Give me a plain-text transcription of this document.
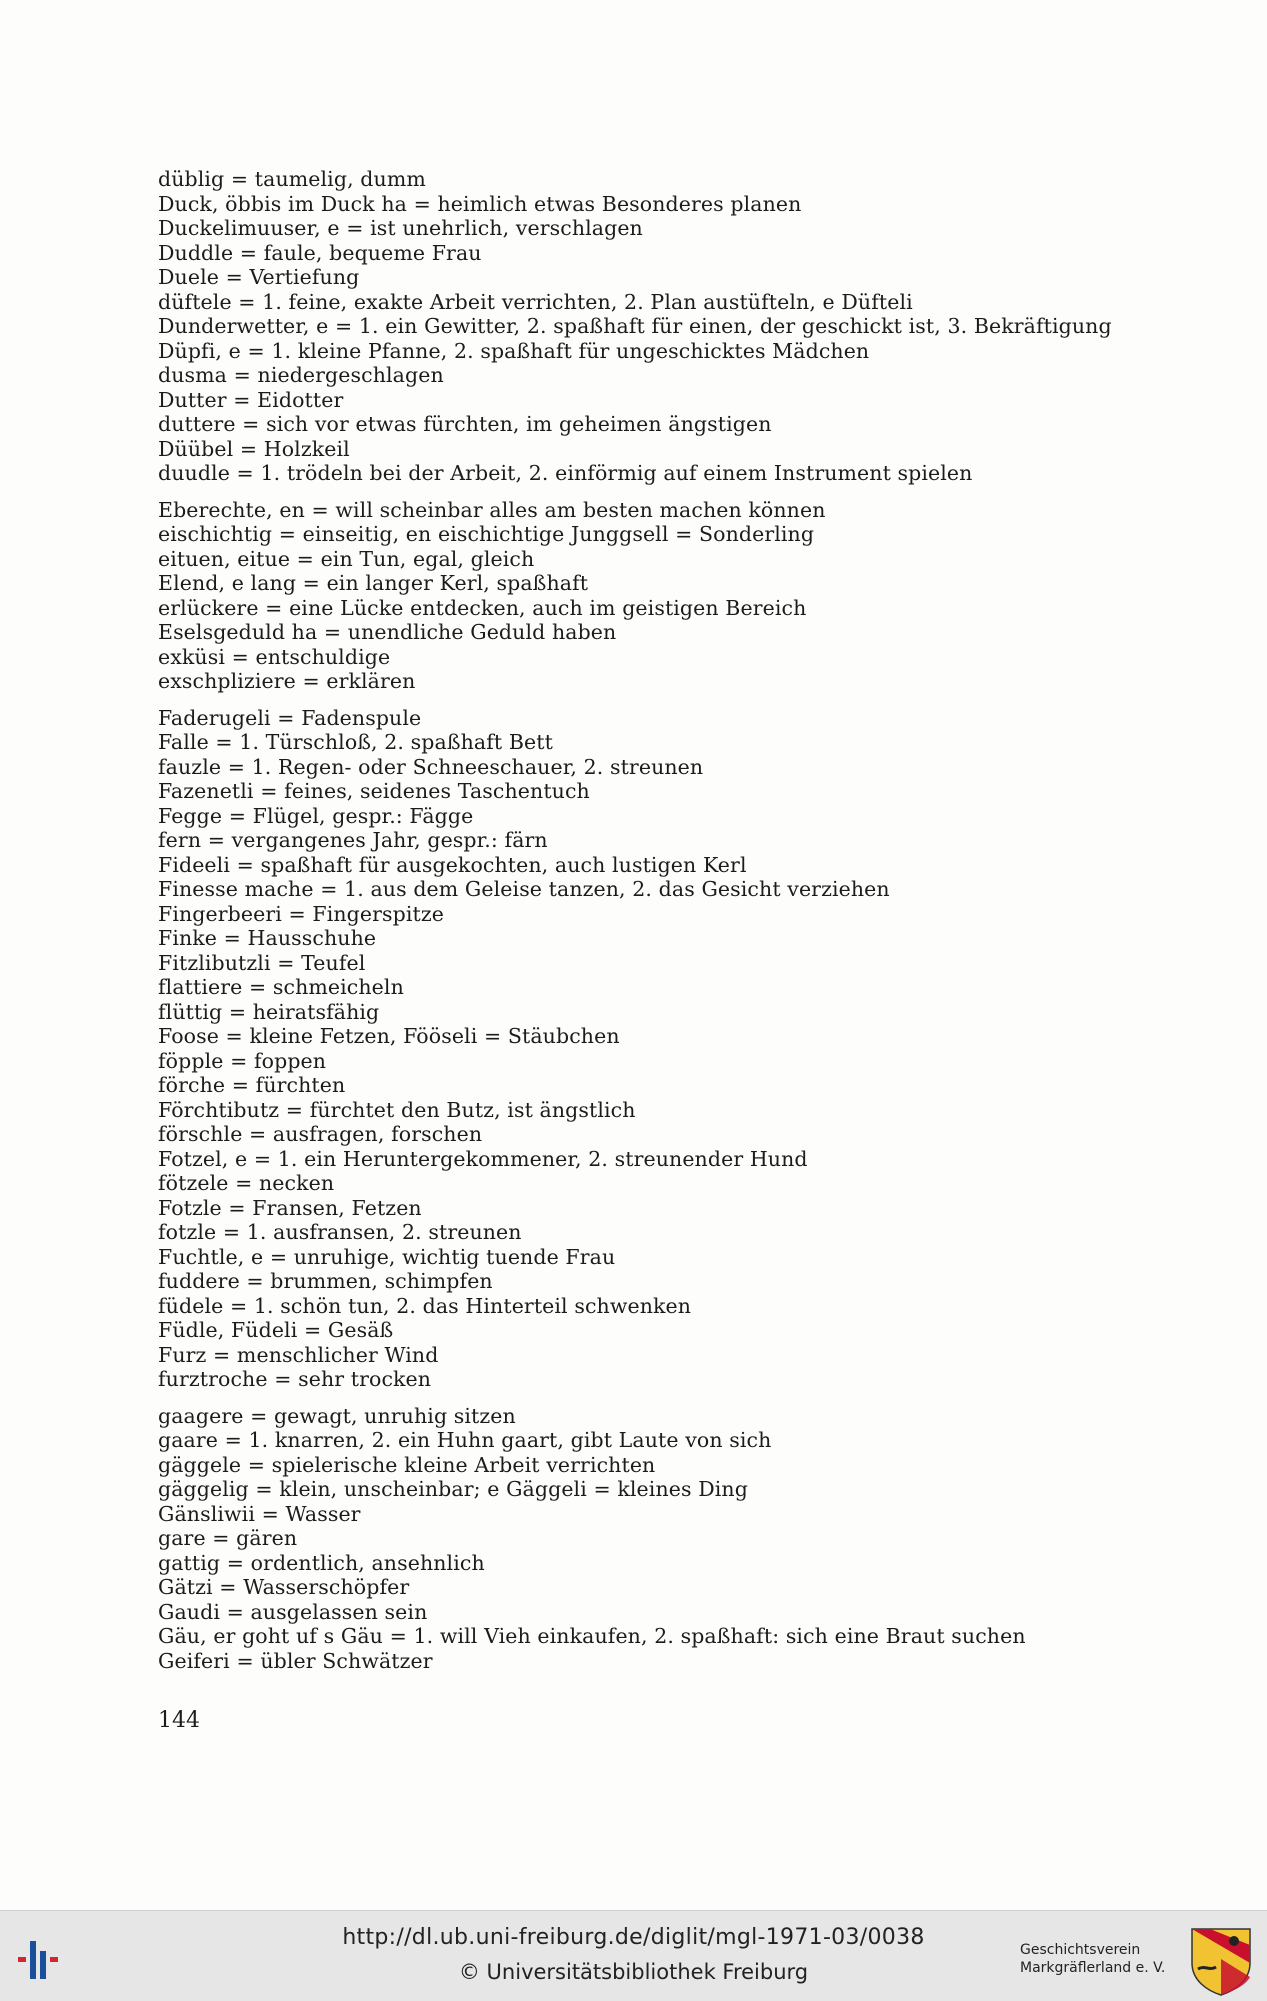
düblig = taumelig, dumm
Duck, öbbis im Duck ha = heimlich etwas Besonderes planen
Duckelimuuser, e = ist unehrlich, verschlagen
Duddle = faule, bequeme Frau
Duele = Vertiefung
düftele = 1. feine, exakte Arbeit verrichten, 2. Plan austüfteln, e Düfteli
Dunderwetter, e = 1. ein Gewitter, 2. spaßhaft für einen, der geschickt ist, 3. Bekräftigung
Düpfi, e = 1. kleine Pfanne, 2. spaßhaft für ungeschicktes Mädchen
dusma = niedergeschlagen
Dutter = Eidotter
duttere = sich vor etwas fürchten, im geheimen ängstigen
Düübel = Holzkeil
duudle = 1. trödeln bei der Arbeit, 2. einförmig auf einem Instrument spielen
Eberechte, en = will scheinbar alles am besten machen können
eischichtig = einseitig, en eischichtige Junggsell = Sonderling
eituen, eitue = ein Tun, egal, gleich
Elend, e lang = ein langer Kerl, spaßhaft
erlückere = eine Lücke entdecken, auch im geistigen Bereich
Eselsgeduld ha = unendliche Geduld haben
exküsi = entschuldige
exschpliziere = erklären
Faderugeli = Fadenspule
Falle = 1. Türschloß, 2. spaßhaft Bett
fauzle = 1. Regen- oder Schneeschauer, 2. streunen
Fazenetli = feines, seidenes Taschentuch
Fegge = Flügel, gespr.: Fägge
fern = vergangenes Jahr, gespr.: färn
Fideeli = spaßhaft für ausgekochten, auch lustigen Kerl
Finesse mache = 1. aus dem Geleise tanzen, 2. das Gesicht verziehen
Fingerbeeri = Fingerspitze
Finke = Hausschuhe
Fitzlibutzli = Teufel
flattiere = schmeicheln
flüttig = heiratsfähig
Foose = kleine Fetzen, Fööseli = Stäubchen
föpple = foppen
förche = fürchten
Förchtibutz = fürchtet den Butz, ist ängstlich
förschle = ausfragen, forschen
Fotzel, e = 1. ein Heruntergekommener, 2. streunender Hund
fötzele = necken
Fotzle = Fransen, Fetzen
fotzle = 1. ausfransen, 2. streunen
Fuchtle, e = unruhige, wichtig tuende Frau
fuddere = brummen, schimpfen
füdele = 1. schön tun, 2. das Hinterteil schwenken
Füdle, Füdeli = Gesäß
Furz = menschlicher Wind
furztroche = sehr trocken
gaagere = gewagt, unruhig sitzen
gaare = 1. knarren, 2. ein Huhn gaart, gibt Laute von sich
gäggele = spielerische kleine Arbeit verrichten
gäggelig = klein, unscheinbar; e Gäggeli = kleines Ding
Gänsliwii = Wasser
gare = gären
gattig = ordentlich, ansehnlich
Gätzi = Wasserschöpfer
Gaudi = ausgelassen sein
Gäu, er goht uf s Gäu = 1. will Vieh einkaufen, 2. spaßhaft: sich eine Braut suchen
Geiferi = übler Schwätzer
144
http://dl.ub.uni-freiburg.de/diglit/mgl-1971-03/0038
© Universitätsbibliothek Freiburg
Geschichtsverein
Markgräflerland e. V.
